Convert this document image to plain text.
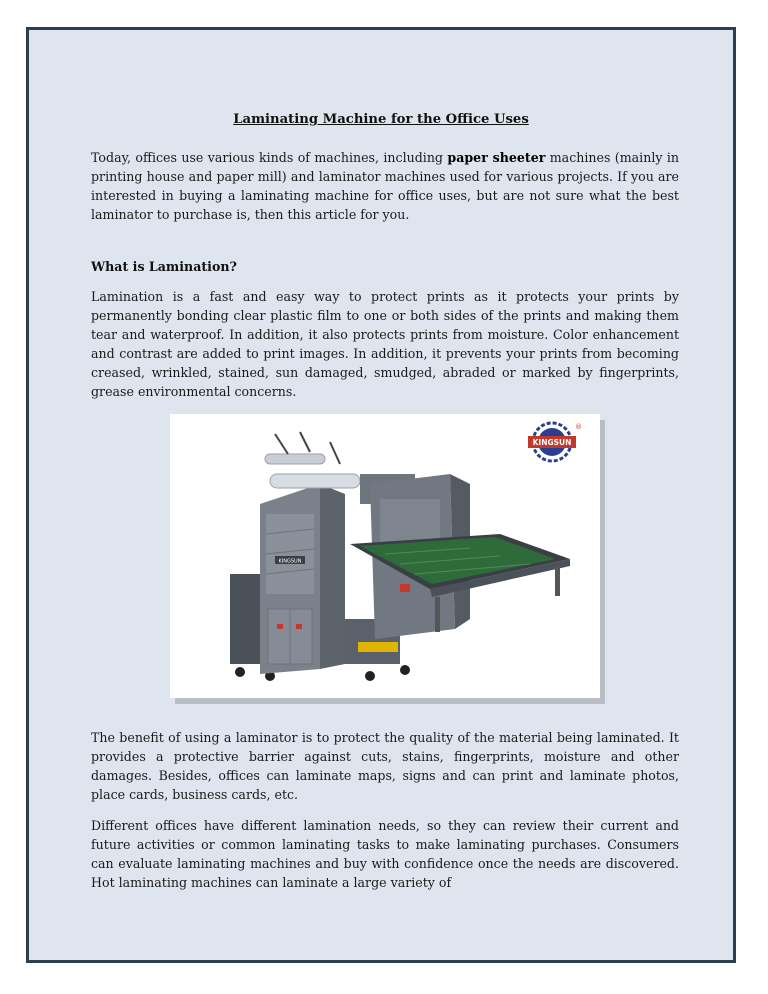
Laminating Machine for the Office Uses

Today, offices use various kinds of machines, including paper sheeter machines (mainly in printing house and paper mill) and laminator machines used for various projects. If you are interested in buying a laminating machine for office uses, but are not sure what the best laminator to purchase is, then this article for you.

What is Lamination?

Lamination is a fast and easy way to protect prints as it protects your prints by permanently bonding clear plastic film to one or both sides of the prints and making them tear and waterproof. In addition, it also protects prints from moisture. Color enhancement and contrast are added to print images. In addition, it prevents your prints from becoming creased, wrinkled, stained, sun damaged, smudged, abraded or marked by fingerprints, grease environmental concerns.

KINGSUN
®
KINGSUN

The benefit of using a laminator is to protect the quality of the material being laminated. It provides a protective barrier against cuts, stains, fingerprints, moisture and other damages. Besides, offices can laminate maps, signs and can print and laminate photos, place cards, business cards, etc.

Different offices have different lamination needs, so they can review their current and future activities or common laminating tasks to make laminating purchases. Consumers can evaluate laminating machines and buy with confidence once the needs are discovered. Hot laminating machines can laminate a large variety of
